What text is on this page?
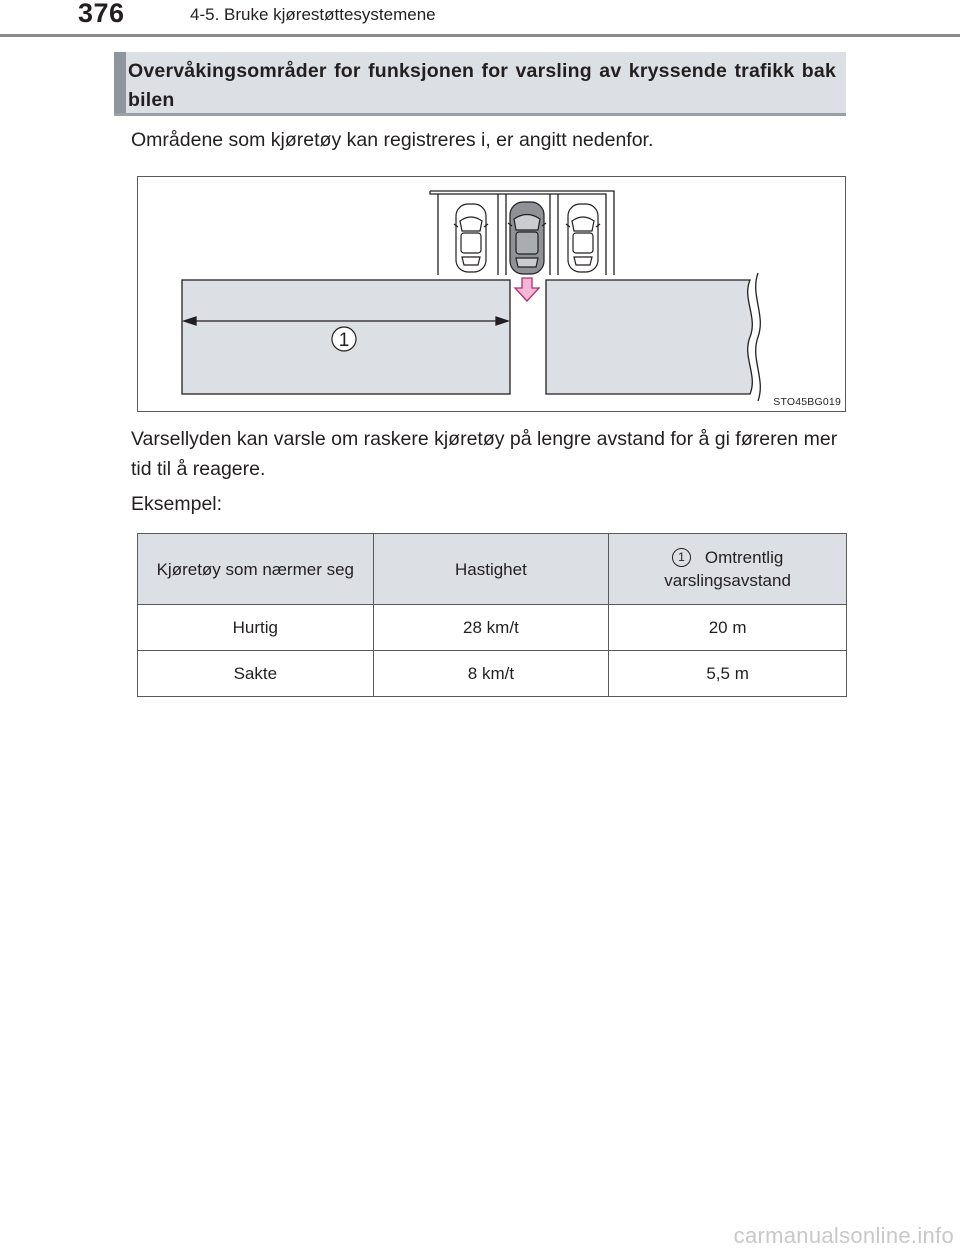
376	4-5. Bruke kjørestøttesystemene
Overvåkingsområder for funksjonen for varsling av kryssende trafikk bak bilen
Områdene som kjøretøy kan registreres i, er angitt nedenfor.
1
STO45BG019
Varsellyden kan varsle om raskere kjøretøy på lengre avstand for å gi føreren mer tid til å reagere.
Eksempel:
Kjøretøy som nærmer seg	Hastighet	1 Omtrentlig varslingsavstand
Hurtig	28 km/t	20 m
Sakte	8 km/t	5,5 m
carmanualsonline.info
